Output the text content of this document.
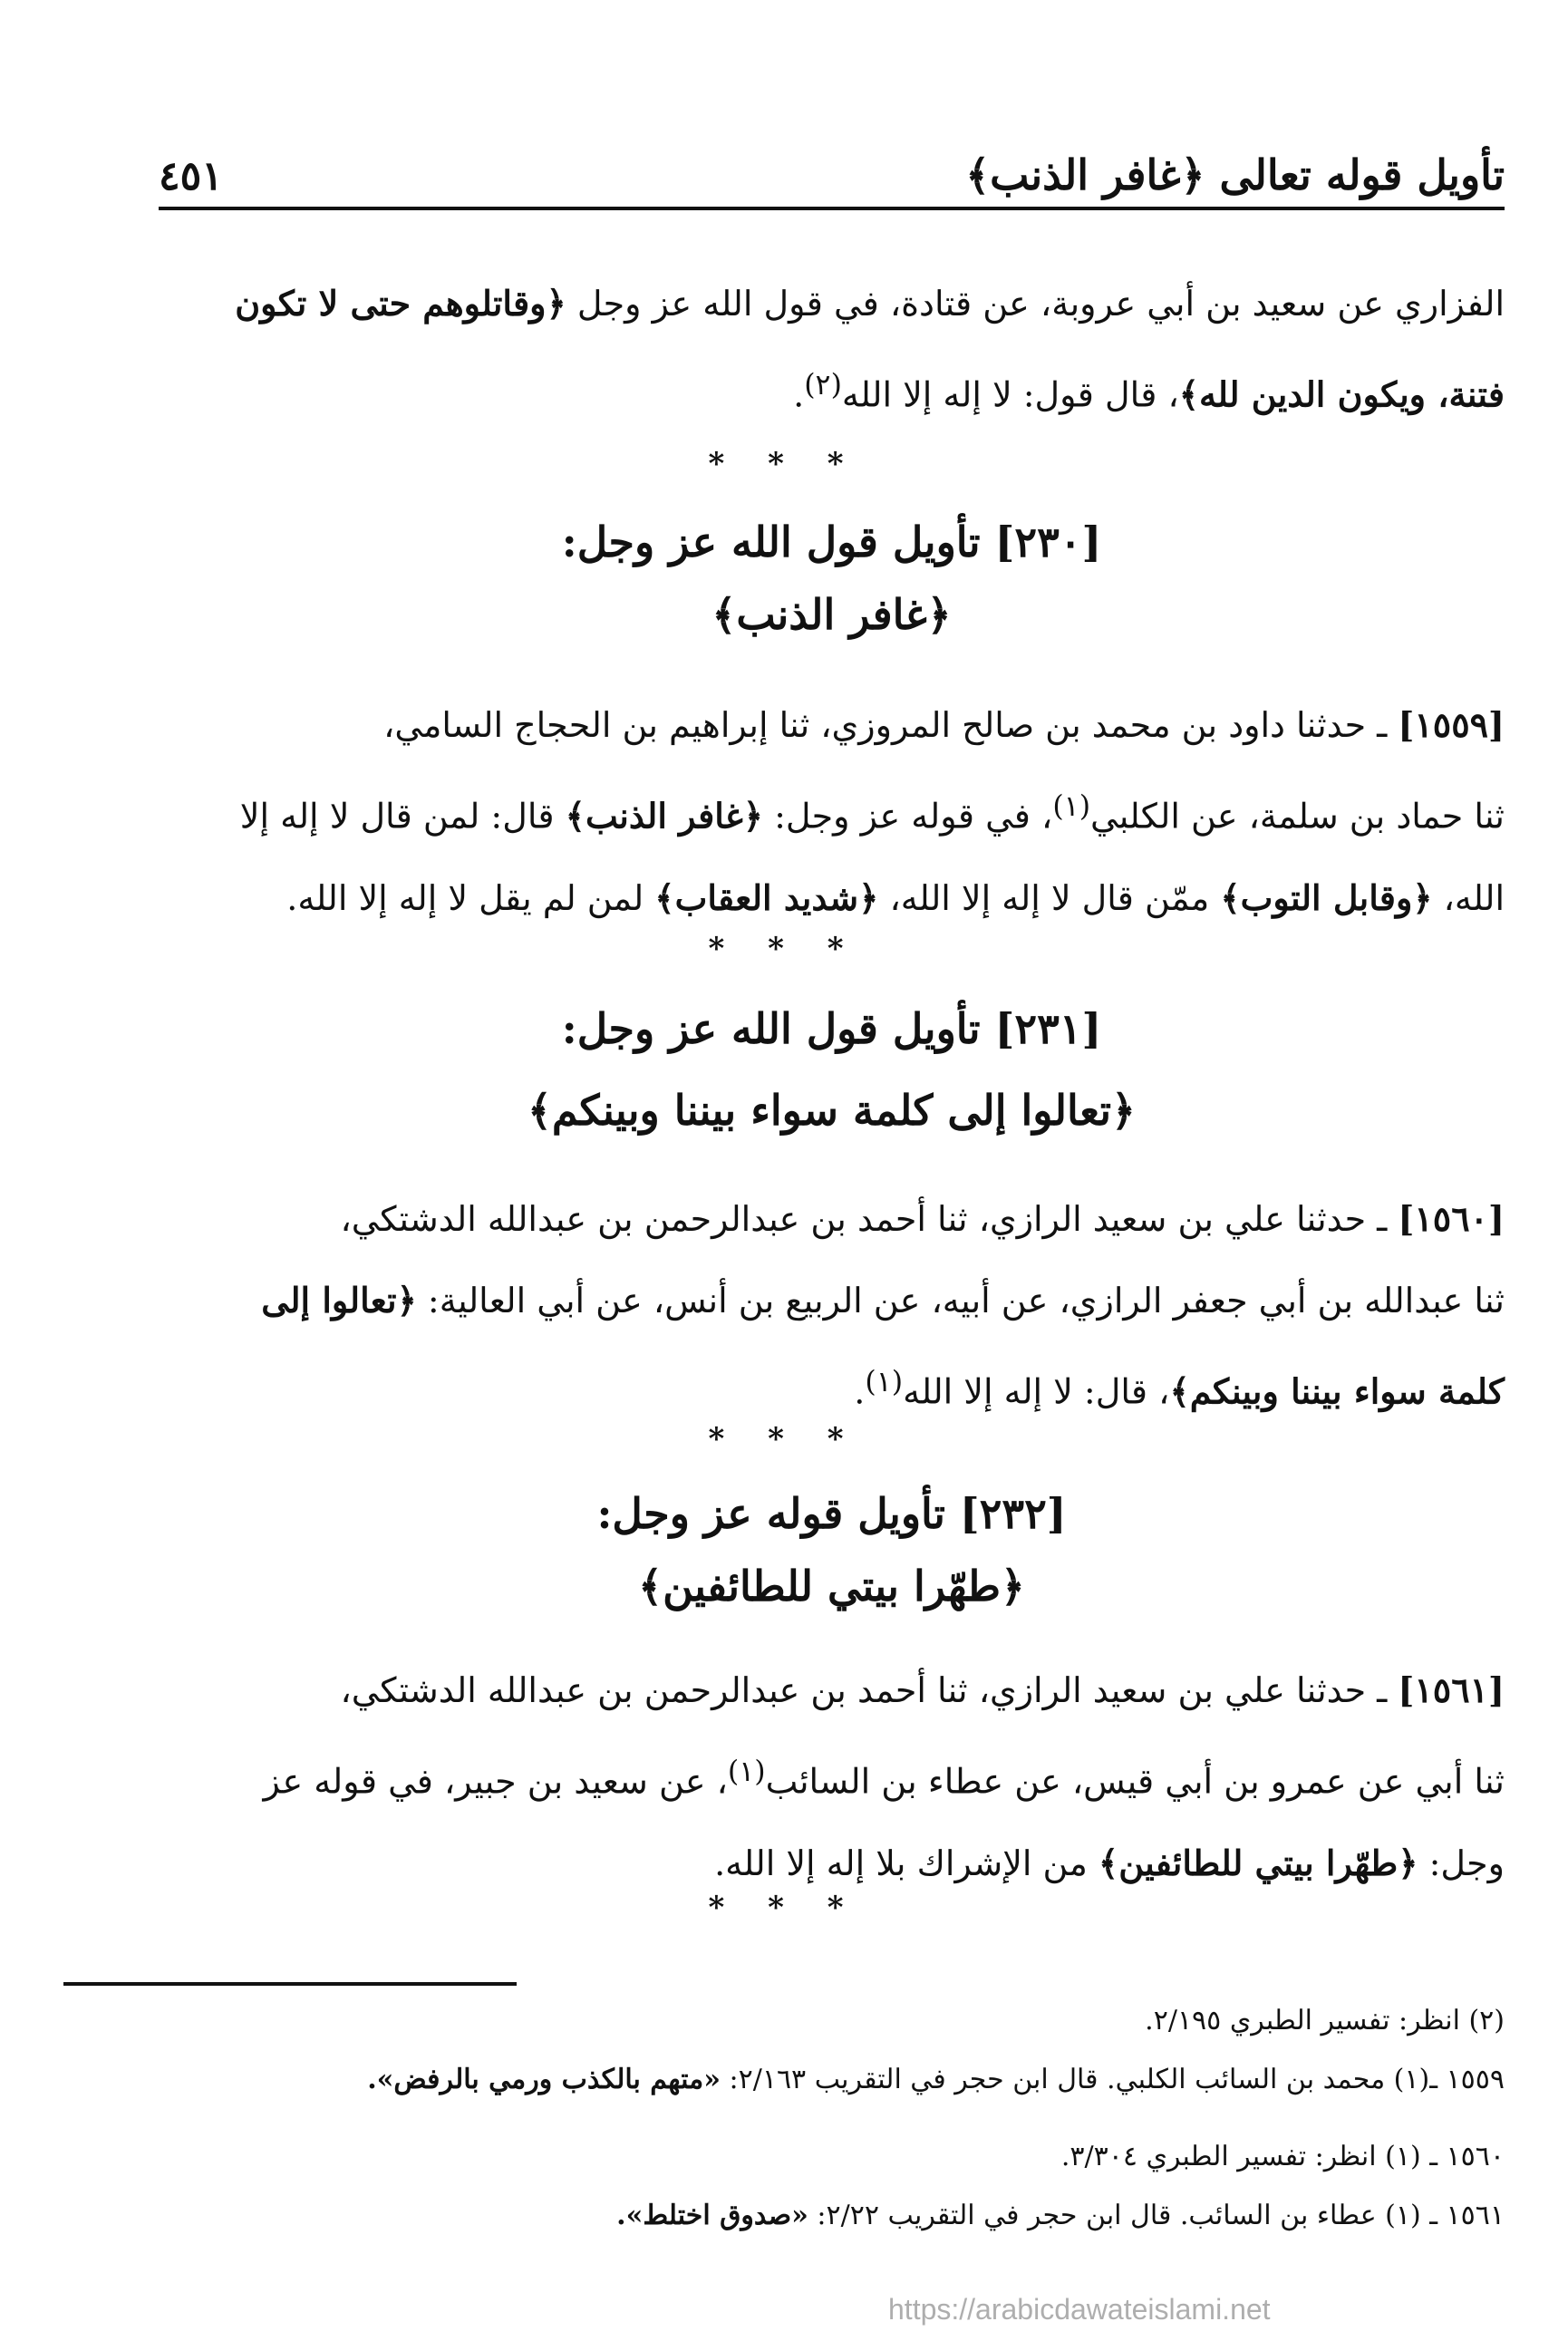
تأويل قوله تعالى ﴿غافر الذنب﴾
٤٥١
الفزاري عن سعيد بن أبي عروبة، عن قتادة، في قول الله عز وجل ﴿وقاتلوهم حتى لا تكون
فتنة، ويكون الدين لله﴾، قال قول: لا إله إلا الله$^{(٢)}$.
* * *
[٢٣٠] تأويل قول الله عز وجل:
﴿غافر الذنب﴾
[١٥٥٩] ـ حدثنا داود بن محمد بن صالح المروزي، ثنا إبراهيم بن الحجاج السامي،
ثنا حماد بن سلمة، عن الكلبي$^{(١)}$، في قوله عز وجل: ﴿غافر الذنب﴾ قال: لمن قال لا إله إلا
الله، ﴿وقابل التوب﴾ ممّن قال لا إله إلا الله، ﴿شديد العقاب﴾ لمن لم يقل لا إله إلا الله.
* * *
[٢٣١] تأويل قول الله عز وجل:
﴿تعالوا إلى كلمة سواء بيننا وبينكم﴾
[١٥٦٠] ـ حدثنا علي بن سعيد الرازي، ثنا أحمد بن عبدالرحمن بن عبدالله الدشتكي،
ثنا عبدالله بن أبي جعفر الرازي، عن أبيه، عن الربيع بن أنس، عن أبي العالية: ﴿تعالوا إلى
كلمة سواء بيننا وبينكم﴾، قال: لا إله إلا الله$^{(١)}$.
* * *
[٢٣٢] تأويل قوله عز وجل:
﴿طهّرا بيتي للطائفين﴾
[١٥٦١] ـ حدثنا علي بن سعيد الرازي، ثنا أحمد بن عبدالرحمن بن عبدالله الدشتكي،
ثنا أبي عن عمرو بن أبي قيس، عن عطاء بن السائب$^{(١)}$، عن سعيد بن جبير، في قوله عز
وجل: ﴿طهّرا بيتي للطائفين﴾ من الإشراك بلا إله إلا الله.
* * *
(٢) انظر: تفسير الطبري ٢/١٩٥.
١٥٥٩ ـ(١) محمد بن السائب الكلبي. قال ابن حجر في التقريب ٢/١٦٣: «متهم بالكذب ورمي بالرفض».
١٥٦٠ ـ (١) انظر: تفسير الطبري ٣/٣٠٤.
١٥٦١ ـ (١) عطاء بن السائب. قال ابن حجر في التقريب ٢/٢٢: «صدوق اختلط».
https://arabicdawateislami.net
